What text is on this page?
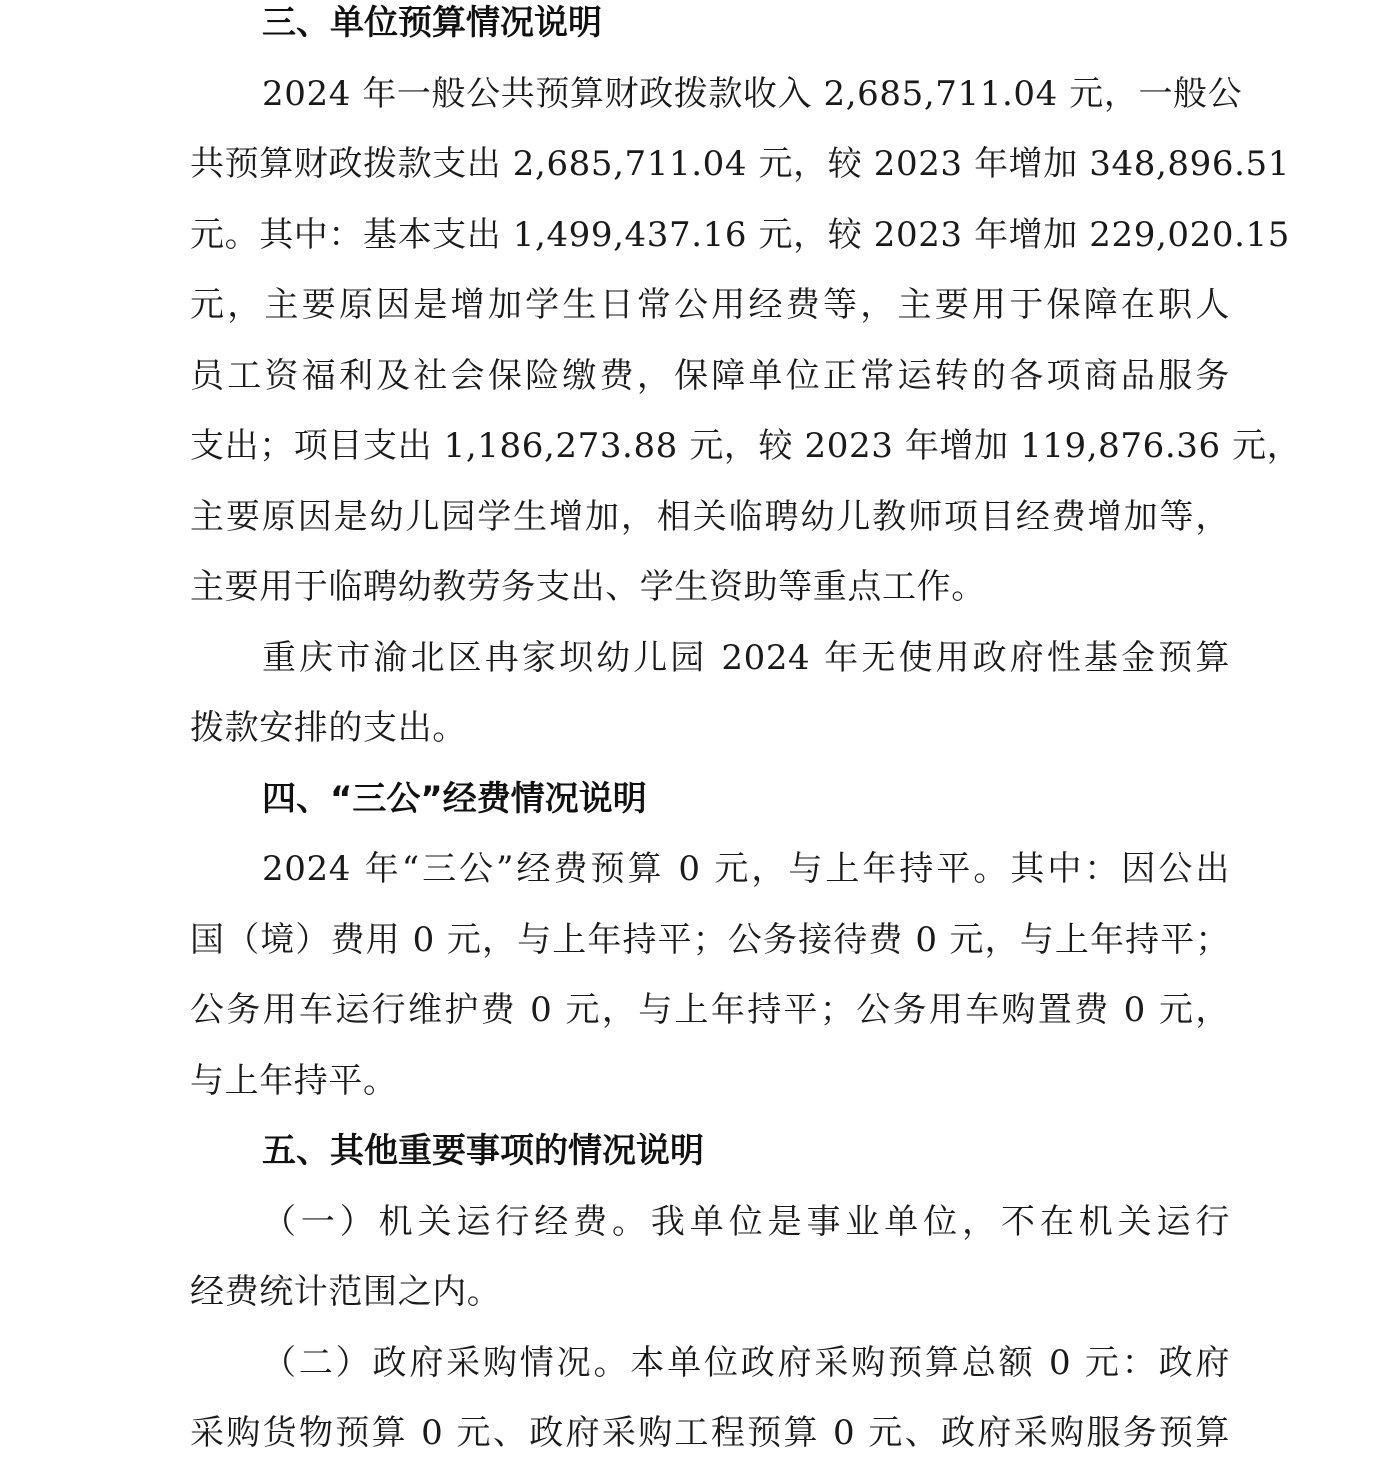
三、单位预算情况说明

2024 年一般公共预算财政拨款收入 2,685,711.04 元，一般公
共预算财政拨款支出 2,685,711.04 元，较 2023 年增加 348,896.51
元。其中：基本支出 1,499,437.16 元，较 2023 年增加 229,020.15
元，主要原因是增加学生日常公用经费等，主要用于保障在职人
员工资福利及社会保险缴费，保障单位正常运转的各项商品服务
支出；项目支出 1,186,273.88 元，较 2023 年增加 119,876.36 元，
主要原因是幼儿园学生增加，相关临聘幼儿教师项目经费增加等，
主要用于临聘幼教劳务支出、学生资助等重点工作。

重庆市渝北区冉家坝幼儿园 2024 年无使用政府性基金预算
拨款安排的支出。

四、“三公”经费情况说明

2024 年“三公”经费预算 0 元，与上年持平。其中：因公出
国（境）费用 0 元，与上年持平；公务接待费 0 元，与上年持平；
公务用车运行维护费 0 元，与上年持平；公务用车购置费 0 元，
与上年持平。

五、其他重要事项的情况说明

（一）机关运行经费。我单位是事业单位，不在机关运行
经费统计范围之内。

（二）政府采购情况。本单位政府采购预算总额 0 元：政府
采购货物预算 0 元、政府采购工程预算 0 元、政府采购服务预算
